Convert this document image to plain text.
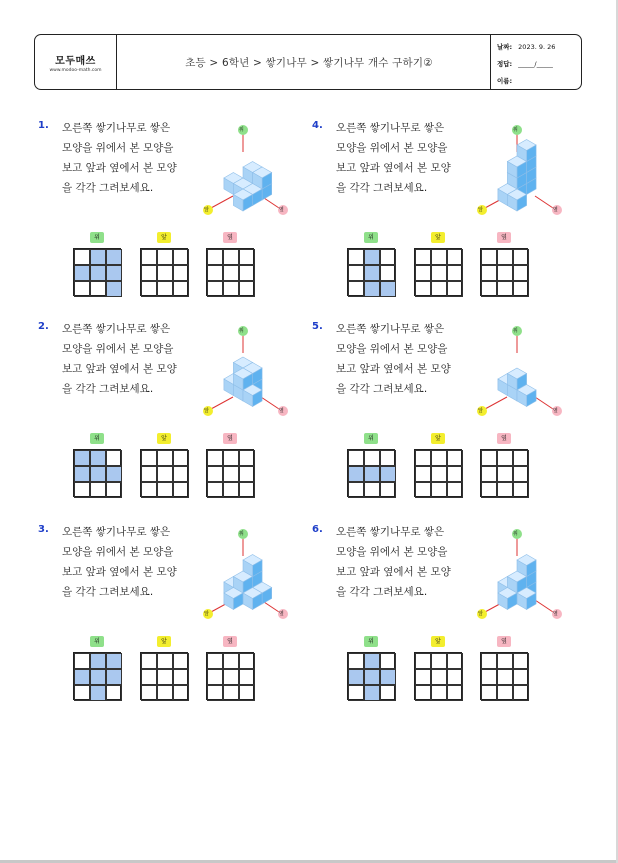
모두매쓰
www.modoo-math.com
초등 > 6학년 > 쌓기나무 > 쌓기나무 개수 구하기②
날짜: 2023. 9. 26
정답: _____/_____
이름:
1. 오른쪽 쌓기나무로 쌓은
모양을 위에서 본 모양을
보고 앞과 옆에서 본 모양
을 각각 그려보세요.
위
앞	옆
위	앞	옆
2. 오른쪽 쌓기나무로 쌓은
모양을 위에서 본 모양을
보고 앞과 옆에서 본 모양
을 각각 그려보세요.
위
앞	옆
위	앞	옆
3. 오른쪽 쌓기나무로 쌓은
모양을 위에서 본 모양을
보고 앞과 옆에서 본 모양
을 각각 그려보세요.
위
앞	옆
위	앞	옆
4. 오른쪽 쌓기나무로 쌓은
모양을 위에서 본 모양을
보고 앞과 옆에서 본 모양
을 각각 그려보세요.
위
앞	옆
위	앞	옆
5. 오른쪽 쌓기나무로 쌓은
모양을 위에서 본 모양을
보고 앞과 옆에서 본 모양
을 각각 그려보세요.
위
앞	옆
위	앞	옆
6. 오른쪽 쌓기나무로 쌓은
모양을 위에서 본 모양을
보고 앞과 옆에서 본 모양
을 각각 그려보세요.
위
앞	옆
위	앞	옆
